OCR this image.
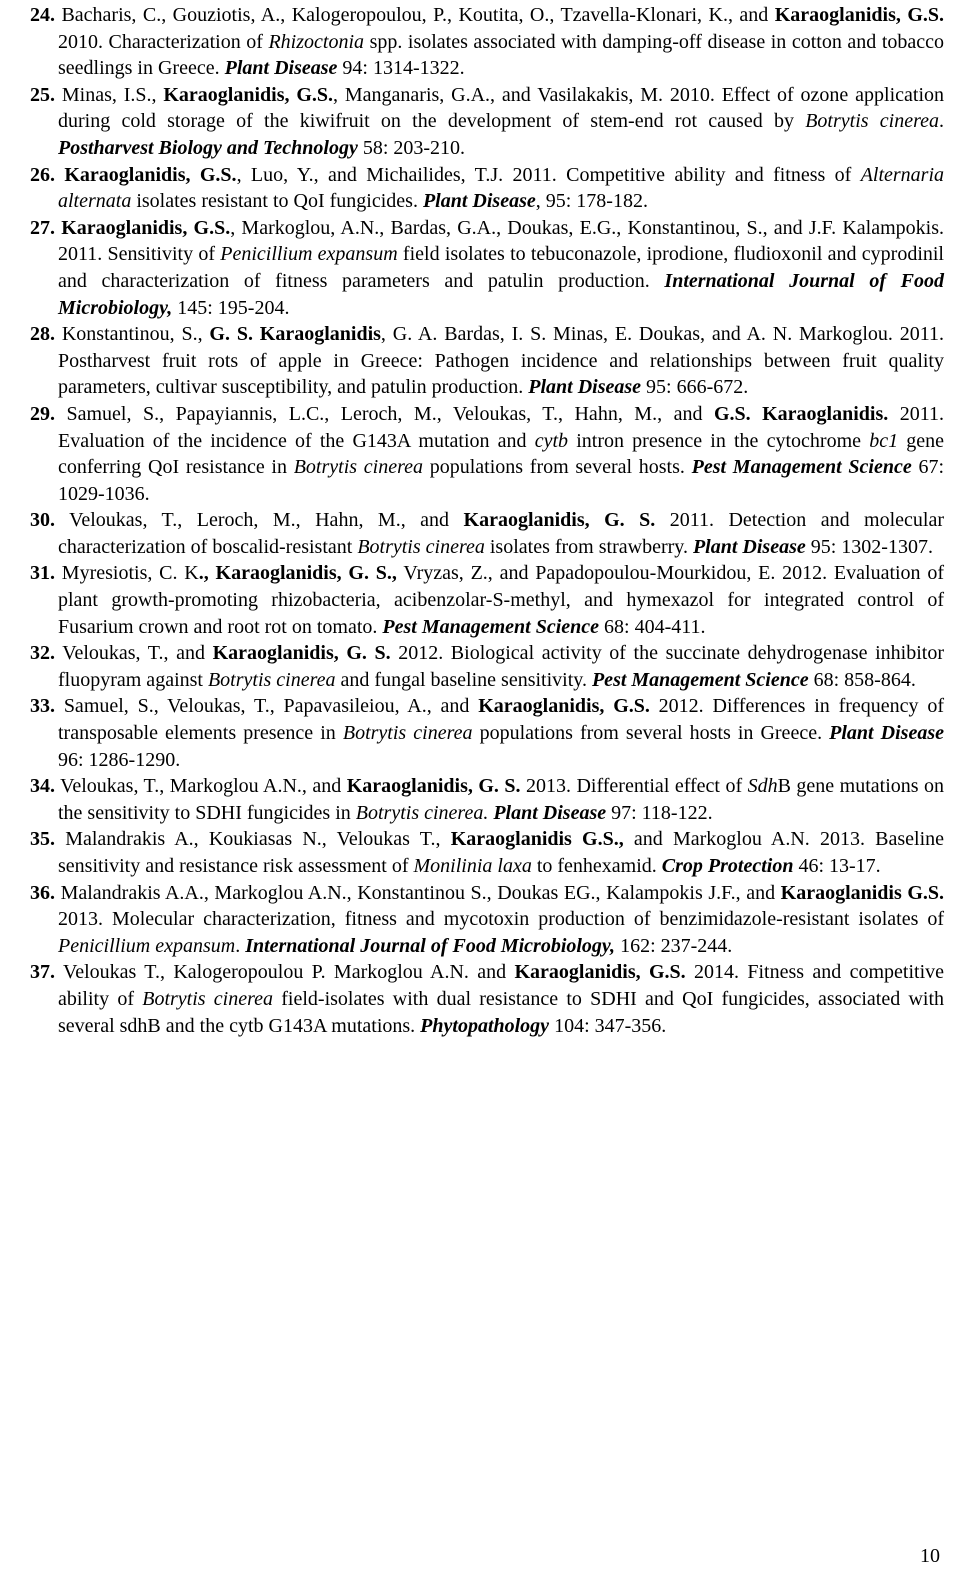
24. Bacharis, C., Gouziotis, A., Kalogeropoulou, P., Koutita, O., Tzavella-Klonari, K., and Karaoglanidis, G.S. 2010. Characterization of Rhizoctonia spp. isolates associated with damping-off disease in cotton and tobacco seedlings in Greece. Plant Disease 94: 1314-1322.

25. Minas, I.S., Karaoglanidis, G.S., Manganaris, G.A., and Vasilakakis, M. 2010. Effect of ozone application during cold storage of the kiwifruit on the development of stem-end rot caused by Botrytis cinerea. Postharvest Biology and Technology 58: 203-210.

26. Karaoglanidis, G.S., Luo, Y., and Michailides, T.J. 2011. Competitive ability and fitness of Alternaria alternata isolates resistant to QoI fungicides. Plant Disease, 95: 178-182.

27. Karaoglanidis, G.S., Markoglou, A.N., Bardas, G.A., Doukas, E.G., Konstantinou, S., and J.F. Kalampokis. 2011. Sensitivity of Penicillium expansum field isolates to tebuconazole, iprodione, fludioxonil and cyprodinil and characterization of fitness parameters and patulin production. International Journal of Food Microbiology, 145: 195-204.

28. Konstantinou, S., G. S. Karaoglanidis, G. A. Bardas, I. S. Minas, E. Doukas, and A. N. Markoglou. 2011. Postharvest fruit rots of apple in Greece: Pathogen incidence and relationships between fruit quality parameters, cultivar susceptibility, and patulin production. Plant Disease 95: 666-672.

29. Samuel, S., Papayiannis, L.C., Leroch, M., Veloukas, T., Hahn, M., and G.S. Karaoglanidis. 2011. Evaluation of the incidence of the G143A mutation and cytb intron presence in the cytochrome bc1 gene conferring QoI resistance in Botrytis cinerea populations from several hosts. Pest Management Science 67: 1029-1036.

30. Veloukas, T., Leroch, M., Hahn, M., and Karaoglanidis, G. S. 2011. Detection and molecular characterization of boscalid-resistant Botrytis cinerea isolates from strawberry. Plant Disease 95: 1302-1307.

31. Myresiotis, C. K., Karaoglanidis, G. S., Vryzas, Z., and Papadopoulou-Mourkidou, E. 2012. Evaluation of plant growth-promoting rhizobacteria, acibenzolar-S-methyl, and hymexazol for integrated control of Fusarium crown and root rot on tomato. Pest Management Science 68: 404-411.

32. Veloukas, T., and Karaoglanidis, G. S. 2012. Biological activity of the succinate dehydrogenase inhibitor fluopyram against Botrytis cinerea and fungal baseline sensitivity. Pest Management Science 68: 858-864.

33. Samuel, S., Veloukas, T., Papavasileiou, A., and Karaoglanidis, G.S. 2012. Differences in frequency of transposable elements presence in Botrytis cinerea populations from several hosts in Greece. Plant Disease 96: 1286-1290.

34. Veloukas, T., Markoglou A.N., and Karaoglanidis, G. S. 2013. Differential effect of SdhB gene mutations on the sensitivity to SDHI fungicides in Botrytis cinerea. Plant Disease 97: 118-122.

35. Malandrakis A., Koukiasas N., Veloukas T., Karaoglanidis G.S., and Markoglou A.N. 2013. Baseline sensitivity and resistance risk assessment of Monilinia laxa to fenhexamid. Crop Protection 46: 13-17.

36. Malandrakis A.A., Markoglou A.N., Konstantinou S., Doukas EG., Kalampokis J.F., and Karaoglanidis G.S. 2013. Molecular characterization, fitness and mycotoxin production of benzimidazole-resistant isolates of Penicillium expansum. International Journal of Food Microbiology, 162: 237-244.

37. Veloukas T., Kalogeropoulou P. Markoglou A.N. and Karaoglanidis, G.S. 2014. Fitness and competitive ability of Botrytis cinerea field-isolates with dual resistance to SDHI and QoI fungicides, associated with several sdhB and the cytb G143A mutations. Phytopathology 104: 347-356.

10
